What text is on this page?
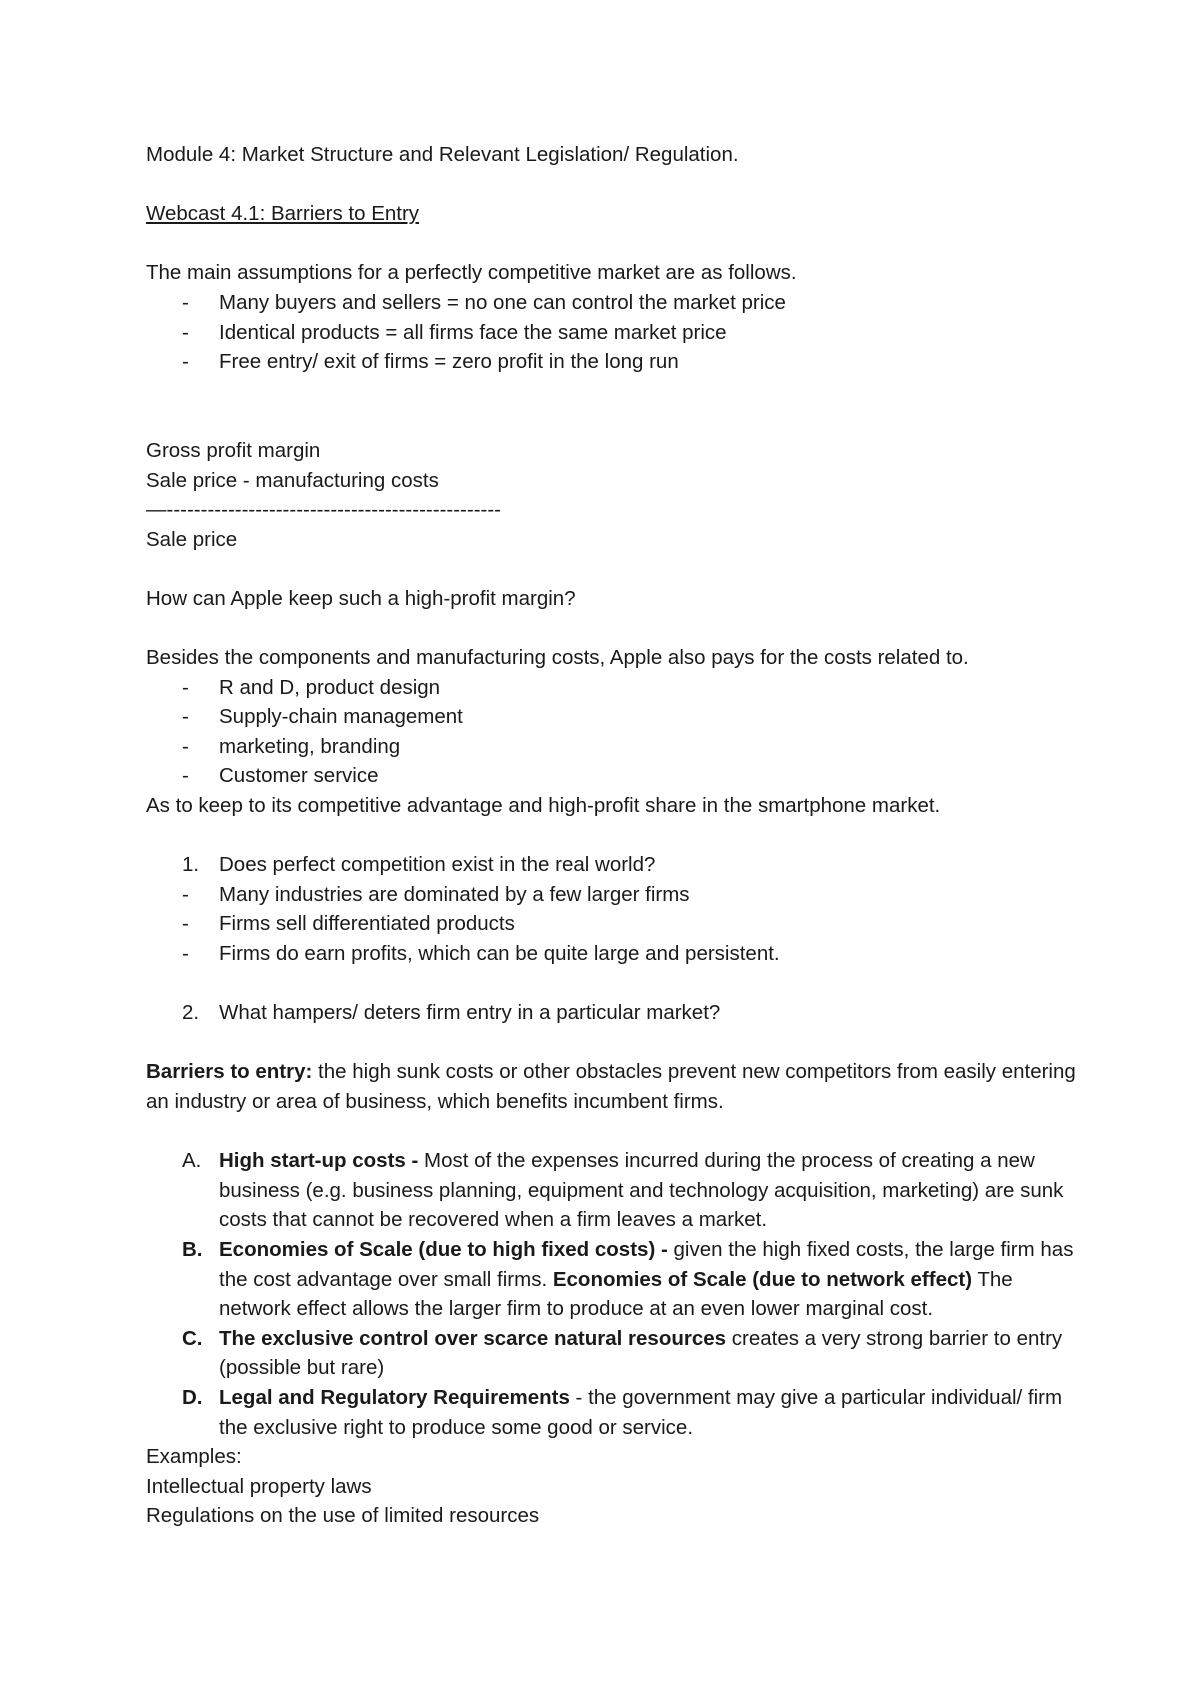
Module 4: Market Structure and Relevant Legislation/ Regulation.

Webcast 4.1: Barriers to Entry

The main assumptions for a perfectly competitive market are as follows.

- Many buyers and sellers = no one can control the market price

- Identical products = all firms face the same market price

- Free entry/ exit of firms = zero profit in the long run

Gross profit margin

Sale price - manufacturing costs

—-------------------------------------------------

Sale price

How can Apple keep such a high-profit margin?

Besides the components and manufacturing costs, Apple also pays for the costs related to.

- R and D, product design

- Supply-chain management

- marketing, branding

- Customer service

As to keep to its competitive advantage and high-profit share in the smartphone market.

1. Does perfect competition exist in the real world?

- Many industries are dominated by a few larger firms

- Firms sell differentiated products

- Firms do earn profits, which can be quite large and persistent.

2. What hampers/ deters firm entry in a particular market?

Barriers to entry: the high sunk costs or other obstacles prevent new competitors from easily entering an industry or area of business, which benefits incumbent firms.

A. High start-up costs - Most of the expenses incurred during the process of creating a new business (e.g. business planning, equipment and technology acquisition, marketing) are sunk costs that cannot be recovered when a firm leaves a market.

B. Economies of Scale (due to high fixed costs) - given the high fixed costs, the large firm has the cost advantage over small firms. Economies of Scale (due to network effect) The network effect allows the larger firm to produce at an even lower marginal cost.

C. The exclusive control over scarce natural resources creates a very strong barrier to entry (possible but rare)

D. Legal and Regulatory Requirements - the government may give a particular individual/ firm the exclusive right to produce some good or service.

Examples:

Intellectual property laws

Regulations on the use of limited resources
